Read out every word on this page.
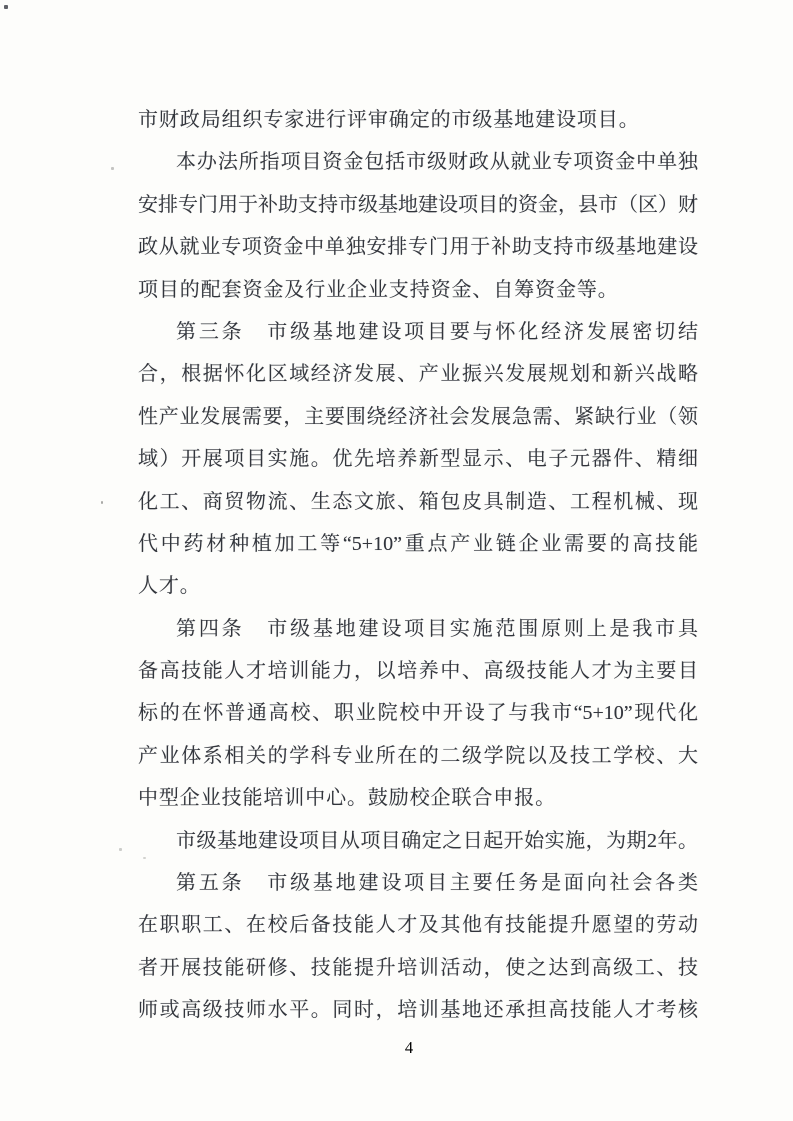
市财政局组织专家进行评审确定的市级基地建设项目。
本办法所指项目资金包括市级财政从就业专项资金中单独
安排专门用于补助支持市级基地建设项目的资金，县市（区）财
政从就业专项资金中单独安排专门用于补助支持市级基地建设
项目的配套资金及行业企业支持资金、自筹资金等。
第三条　市级基地建设项目要与怀化经济发展密切结
合，根据怀化区域经济发展、产业振兴发展规划和新兴战略
性产业发展需要，主要围绕经济社会发展急需、紧缺行业（领
域）开展项目实施。优先培养新型显示、电子元器件、精细
化工、商贸物流、生态文旅、箱包皮具制造、工程机械、现
代中药材种植加工等“5+10”重点产业链企业需要的高技能
人才。
第四条　市级基地建设项目实施范围原则上是我市具
备高技能人才培训能力，以培养中、高级技能人才为主要目
标的在怀普通高校、职业院校中开设了与我市“5+10”现代化
产业体系相关的学科专业所在的二级学院以及技工学校、大
中型企业技能培训中心。鼓励校企联合申报。
市级基地建设项目从项目确定之日起开始实施，为期2年。
第五条　市级基地建设项目主要任务是面向社会各类
在职职工、在校后备技能人才及其他有技能提升愿望的劳动
者开展技能研修、技能提升培训活动，使之达到高级工、技
师或高级技师水平。同时，培训基地还承担高技能人才考核
4
